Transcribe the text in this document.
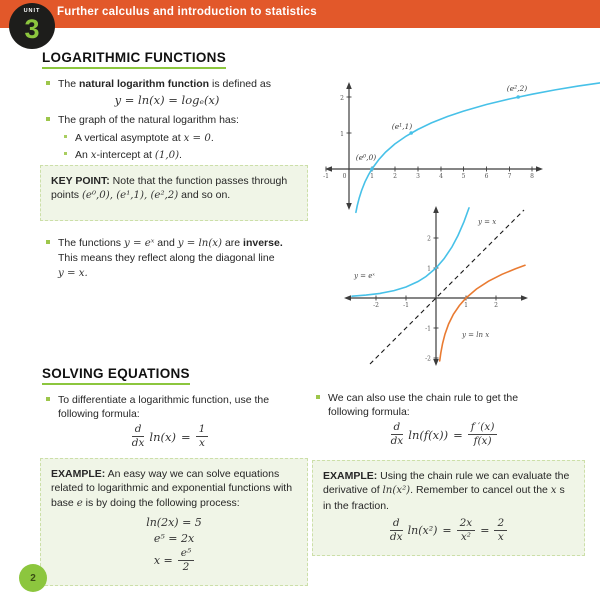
Further calculus and introduction to statistics
UNIT
3
LOGARITHMIC FUNCTIONS
The natural logarithm function is defined as
y = ln(x) = logₑ(x)
The graph of the natural logarithm has:
A vertical asymptote at x = 0.
An x-intercept at (1,0).

KEY POINT: Note that the function passes through points (e⁰,0), (e¹,1), (e²,2) and so on.

The functions y = eˣ and y = ln(x) are inverse.
This means they reflect along the diagonal line
y = x.
(e⁰,0)
(e¹,1)
(e²,2)
-1 0	1	2	3	4	5	6	7	8
1
2
y = x
y = eˣ
y = ln x
-2	-1	1	2
2
1
-1
-2
SOLVING EQUATIONS
To differentiate a logarithmic function, use the
following formula:
$\frac{d}{dx} \ln(x) = \frac{1}{x}$

EXAMPLE: An easy way we can solve equations related to logarithmic and exponential functions with base e is by doing the following process:

ln(2x) = 5
e⁵ = 2x
$x = \frac{\text{e⁵}}{2}$
We can also use the chain rule to get the
following formula:
$\frac{d}{dx} \ln(f(x)) = \frac{f '(x)}{f(x)}$

EXAMPLE: Using the chain rule we can evaluate the derivative of ln(x²). Remember to cancel out the x s in the fraction.

$\frac{d}{dx} \ln(x^2) = \frac{2x}{\text{x²}} = \frac{2}{x}$
2
